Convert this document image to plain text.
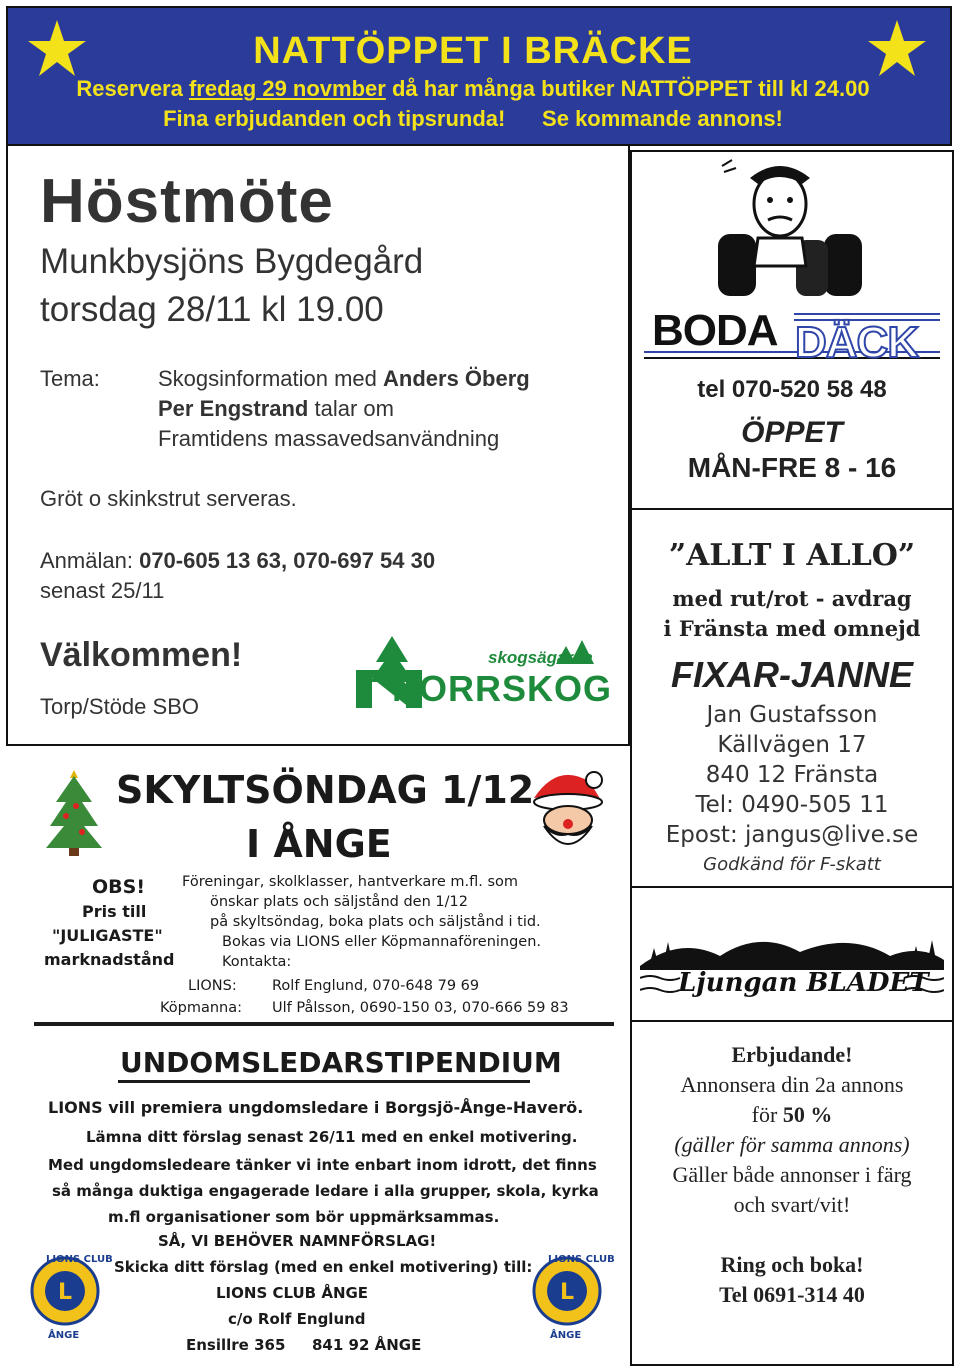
NATTÖPPET I BRÄCKE
Reservera fredag 29 novmber då har många butiker NATTÖPPET till kl 24.00
Fina erbjudanden och tipsrunda! Se kommande annons!
Höstmöte
Munkbysjöns Bygdegård
torsdag 28/11 kl 19.00
Tema:	Skogsinformation med Anders Öberg
Per Engstrand talar om
Framtidens massavedsanvändning
Gröt o skinkstrut serveras.
Anmälan: 070-605 13 63, 070-697 54 30
senast 25/11
Välkommen!
Torp/Stöde SBO
skogsägarna
NORRSKOG
BODA DÄCK
tel 070-520 58 48
ÖPPET
MÅN-FRE 8 - 16
”ALLT I ALLO”
med rut/rot - avdrag
i Fränsta med omnejd
FIXAR-JANNE
Jan Gustafsson
Källvägen 17
840 12 Fränsta
Tel: 0490-505 11
Epost: jangus@live.se
Godkänd för F-skatt
Ljungan BLADET
Erbjudande!
Annonsera din 2a annons
för 50 %
(gäller för samma annons)
Gäller både annonser i färg
och svart/vit!
Ring och boka!
Tel 0691-314 40
SKYLTSÖNDAG 1/12
I ÅNGE
OBS!
Pris till
"JULIGASTE"
marknadstånd
Föreningar, skolklasser, hantverkare m.fl. som
önskar plats och säljstånd den 1/12
på skyltsöndag, boka plats och säljstånd i tid.
Bokas via LIONS eller Köpmannaföreningen.
Kontakta:
LIONS: Rolf Englund, 070-648 79 69
Köpmanna: Ulf Pålsson, 0690-150 03, 070-666 59 83
UNDOMSLEDARSTIPENDIUM
LIONS vill premiera ungdomsledare i Borgsjö-Ånge-Haverö.
Lämna ditt förslag senast 26/11 med en enkel motivering.
Med ungdomsledeare tänker vi inte enbart inom idrott, det finns
så många duktiga engagerade ledare i alla grupper, skola, kyrka
m.fl organisationer som bör uppmärksammas.
SÅ, VI BEHÖVER NAMNFÖRSLAG!
Skicka ditt förslag (med en enkel motivering) till:
LIONS CLUB ÅNGE
c/o Rolf Englund
Ensillre 365 841 92 ÅNGE
L	L
LIONS CLUB
ÅNGE
LIONS CLUB
ÅNGE
